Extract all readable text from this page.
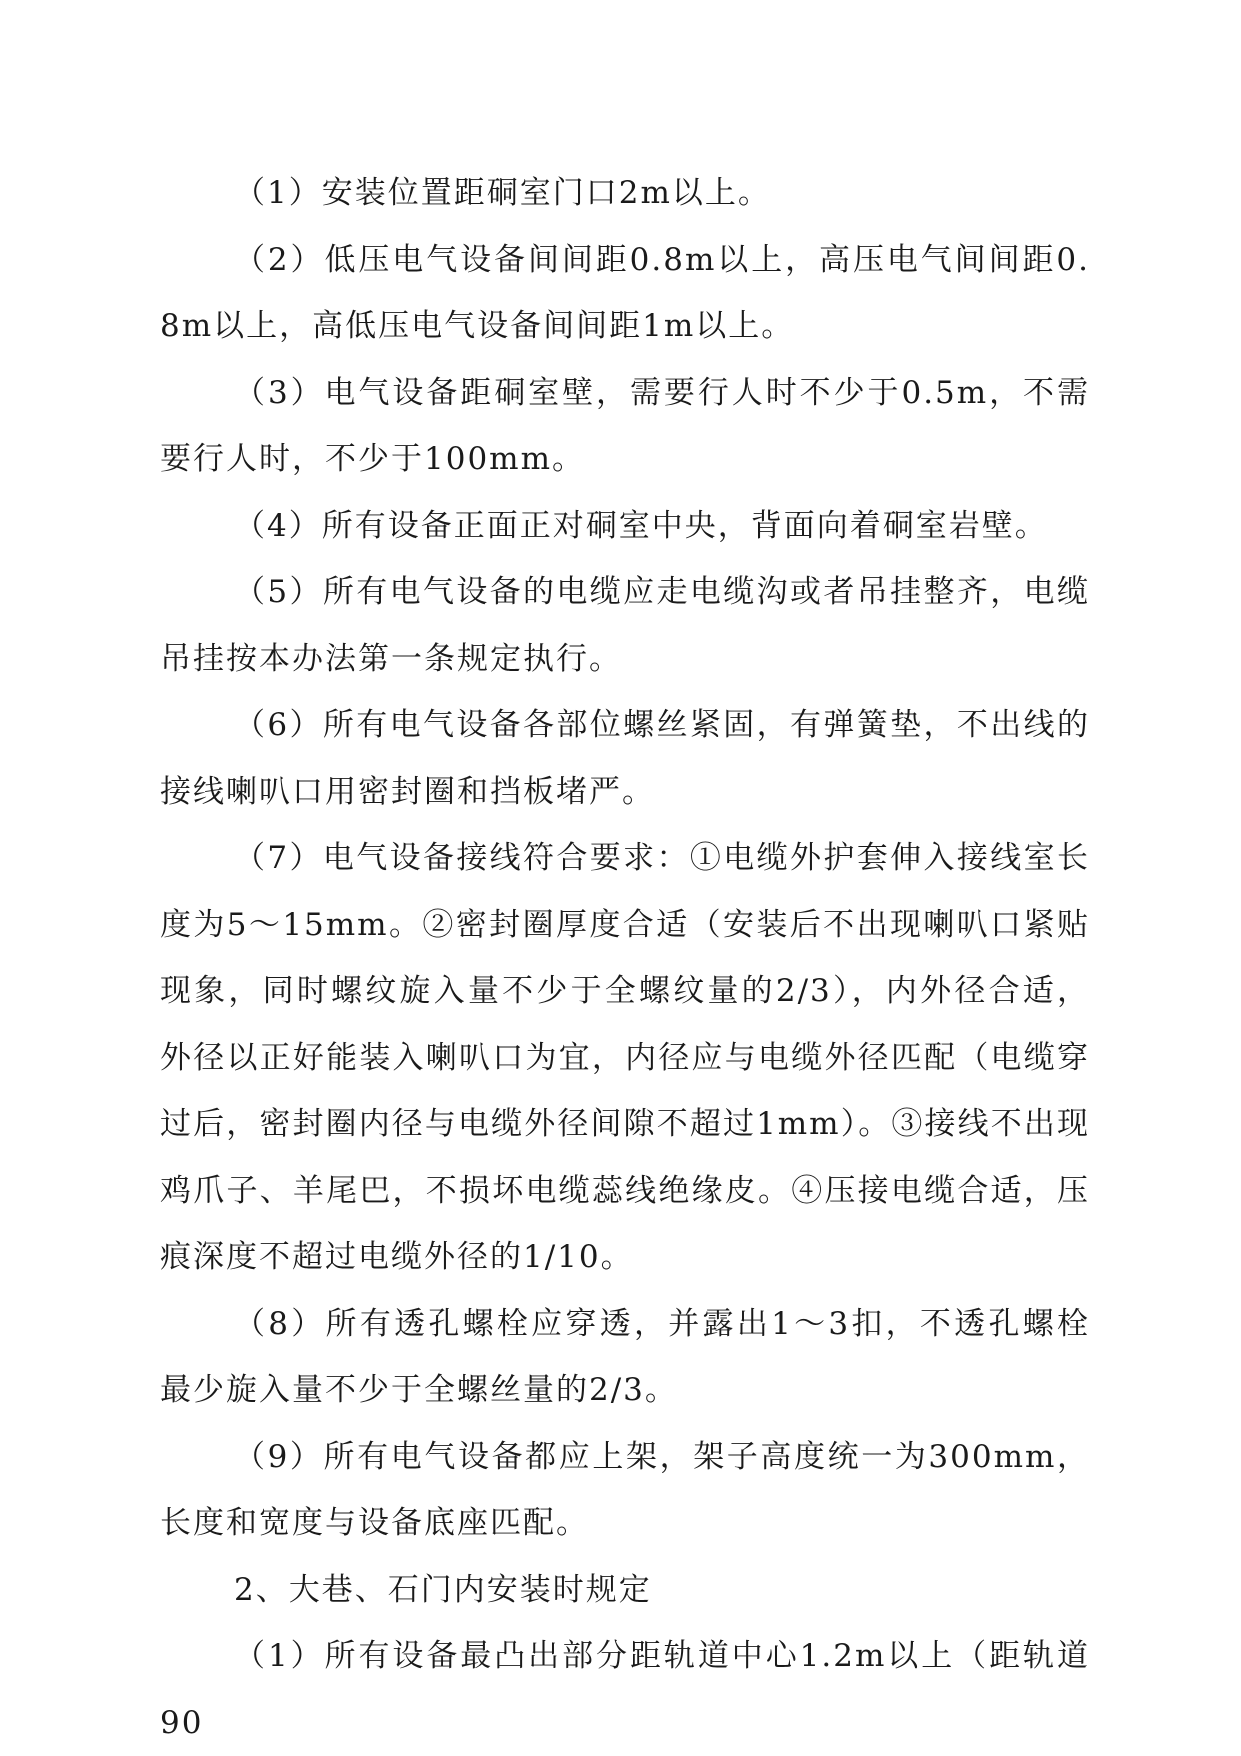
（1）安装位置距硐室门口2m以上。

（2）低压电气设备间间距0.8m以上，高压电气间间距0.8m以上，高低压电气设备间间距1m以上。

（3）电气设备距硐室壁，需要行人时不少于0.5m，不需要行人时，不少于100mm。

（4）所有设备正面正对硐室中央，背面向着硐室岩壁。

（5）所有电气设备的电缆应走电缆沟或者吊挂整齐，电缆吊挂按本办法第一条规定执行。

（6）所有电气设备各部位螺丝紧固，有弹簧垫，不出线的接线喇叭口用密封圈和挡板堵严。

（7）电气设备接线符合要求：①电缆外护套伸入接线室长度为5～15mm。②密封圈厚度合适（安装后不出现喇叭口紧贴现象，同时螺纹旋入量不少于全螺纹量的2/3），内外径合适，外径以正好能装入喇叭口为宜，内径应与电缆外径匹配（电缆穿过后，密封圈内径与电缆外径间隙不超过1mm）。③接线不出现鸡爪子、羊尾巴，不损坏电缆蕊线绝缘皮。④压接电缆合适，压痕深度不超过电缆外径的1/10。

（8）所有透孔螺栓应穿透，并露出1～3扣，不透孔螺栓最少旋入量不少于全螺丝量的2/3。

（9）所有电气设备都应上架，架子高度统一为300mm，长度和宽度与设备底座匹配。

2、大巷、石门内安装时规定

（1）所有设备最凸出部分距轨道中心1.2m以上（距轨道90
